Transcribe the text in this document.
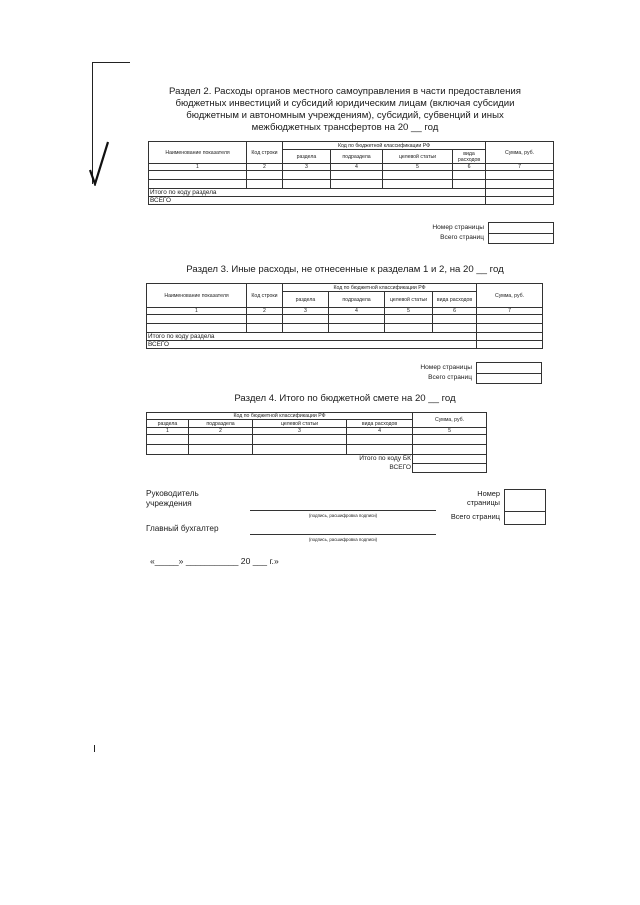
Раздел 2. Расходы органов местного самоуправления в части предоставления
бюджетных инвестиций и субсидий юридическим лицам (включая субсидии
бюджетным и автономным учреждениям), субсидий, субвенций и иных
межбюджетных трансфертов на 20 __ год
Наименование показателя	Код строки	Код по бюджетной классификации РФ				Сумма, руб.
		раздела	подраздела	целевой статьи	вида расходов	
1	2	3	4	5	6	7

Итого по коду раздела						
ВСЕГО						
Номер страницы
Всего страниц
Раздел 3. Иные расходы, не отнесенные к разделам 1 и 2, на 20 __ год
Наименование показателя	Код строки	Код по бюджетной классификации РФ				Сумма, руб.
		раздела	подраздела	целевой статьи	вида расходов	
1	2	3	4	5	6	7

Итого по коду раздела						
ВСЕГО						
Номер страницы
Всего страниц
Раздел 4. Итого по бюджетной смете на 20 __ год
Код по бюджетной классификации РФ				Сумма, руб.
раздела	подраздела	целевой статьи	вида расходов	
1	2	3	4	5

Итого по коду БК				
ВСЕГО				
Руководитель
учреждения
(подпись, расшифровка подписи)
Главный бухгалтер
(подпись, расшифровка подписи)
Номер
страницы
Всего страниц
«_____» ___________ 20 ___ г.»
